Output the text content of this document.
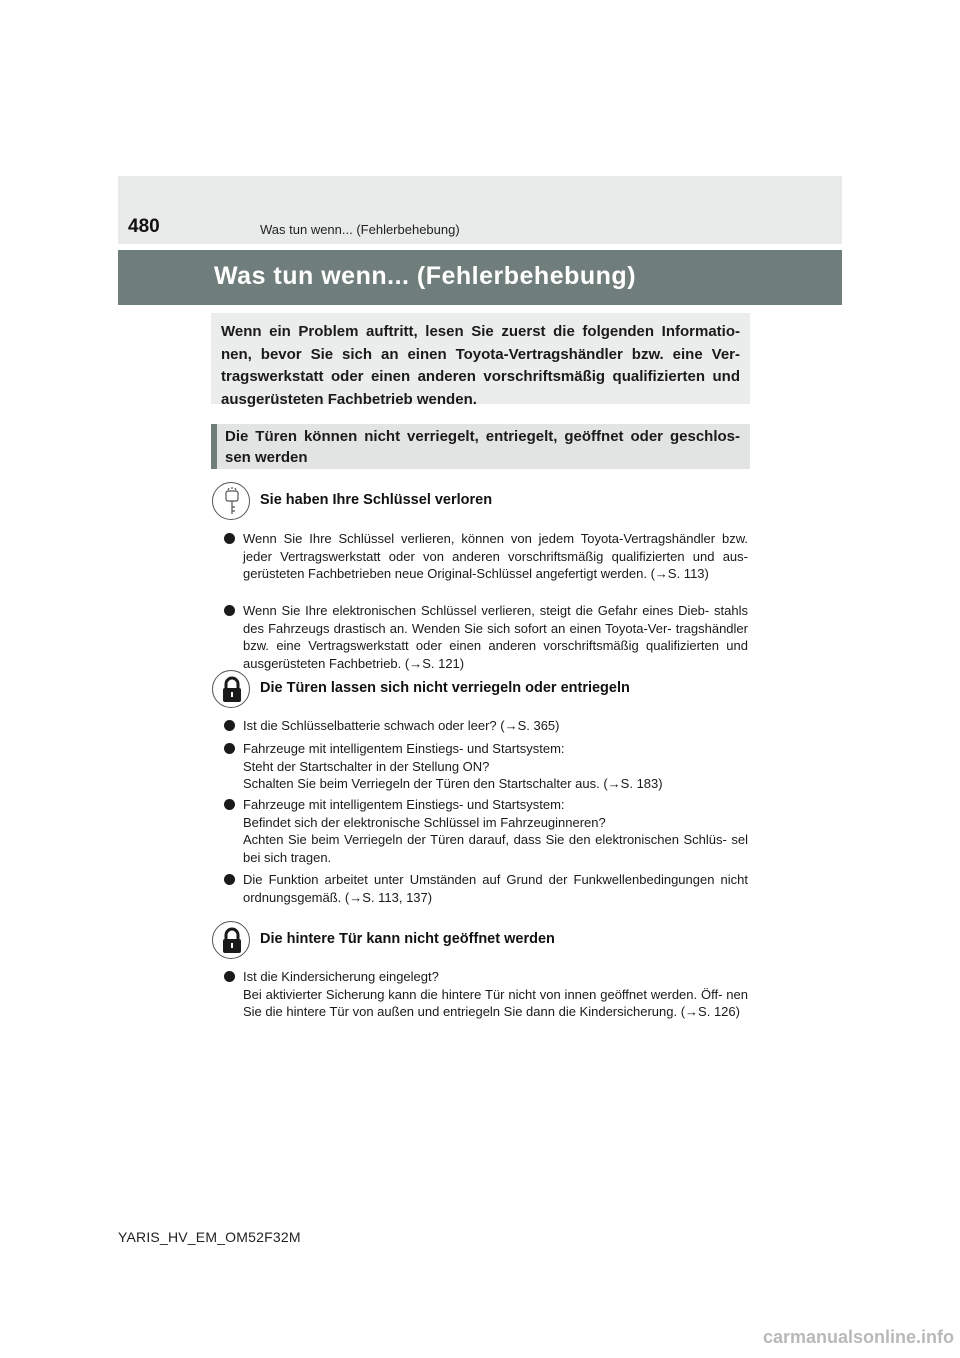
480	Was tun wenn... (Fehlerbehebung)
Was tun wenn... (Fehlerbehebung)
Wenn ein Problem auftritt, lesen Sie zuerst die folgenden Informatio- nen, bevor Sie sich an einen Toyota-Vertragshändler bzw. eine Ver- tragswerkstatt oder einen anderen vorschriftsmäßig qualifizierten und ausgerüsteten Fachbetrieb wenden.
Die Türen können nicht verriegelt, entriegelt, geöffnet oder geschlos- sen werden
Sie haben Ihre Schlüssel verloren
Wenn Sie Ihre Schlüssel verlieren, können von jedem Toyota-Vertragshändler bzw. jeder Vertragswerkstatt oder von anderen vorschriftsmäßig qualifizierten und aus- gerüsteten Fachbetrieben neue Original-Schlüssel angefertigt werden. (→S. 113)
Wenn Sie Ihre elektronischen Schlüssel verlieren, steigt die Gefahr eines Dieb- stahls des Fahrzeugs drastisch an. Wenden Sie sich sofort an einen Toyota-Ver- tragshändler bzw. eine Vertragswerkstatt oder einen anderen vorschriftsmäßig qualifizierten und ausgerüsteten Fachbetrieb. (→S. 121)
Die Türen lassen sich nicht verriegeln oder entriegeln
Ist die Schlüsselbatterie schwach oder leer? (→S. 365)
Fahrzeuge mit intelligentem Einstiegs- und Startsystem:
Steht der Startschalter in der Stellung ON?
Schalten Sie beim Verriegeln der Türen den Startschalter aus. (→S. 183)
Fahrzeuge mit intelligentem Einstiegs- und Startsystem:
Befindet sich der elektronische Schlüssel im Fahrzeuginneren?
Achten Sie beim Verriegeln der Türen darauf, dass Sie den elektronischen Schlüs- sel bei sich tragen.
Die Funktion arbeitet unter Umständen auf Grund der Funkwellenbedingungen nicht ordnungsgemäß. (→S. 113, 137)
Die hintere Tür kann nicht geöffnet werden
Ist die Kindersicherung eingelegt?
Bei aktivierter Sicherung kann die hintere Tür nicht von innen geöffnet werden. Öff- nen Sie die hintere Tür von außen und entriegeln Sie dann die Kindersicherung. (→S. 126)
YARIS_HV_EM_OM52F32M
carmanualsonline.info
